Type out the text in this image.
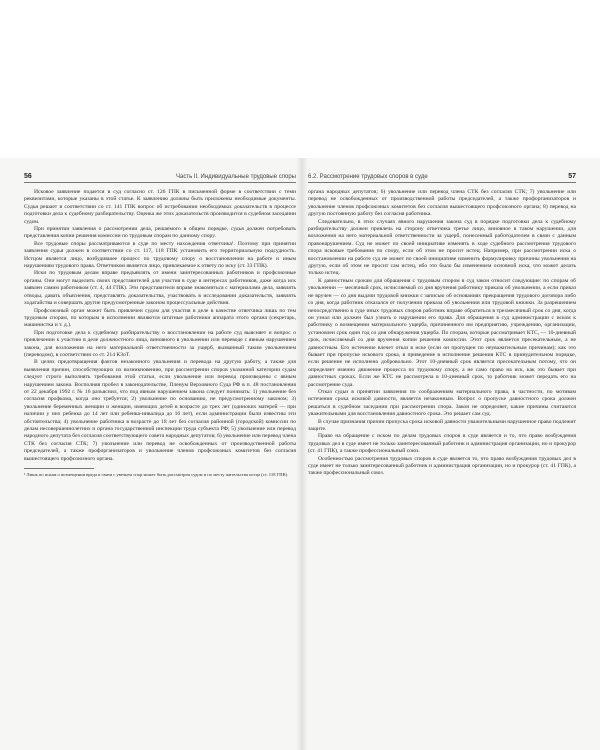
56	Часть II. Индивидуальные трудовые споры

Исковое заявление подается в суд согласно ст. 126 ГПК в письменной форме в соответствии с теми реквизитами, которые указаны в этой статье. К заявлению должны быть приложены необходимые документы. Судья решает в соответствии со ст. 141 ГПК вопрос об истребовании необходимых доказательств в процессе подготовки дела к судебному разбирательству. Оценка же этих доказательств производится в судебном заседании судом.

При принятии заявления о рассмотрении дела, решаемого в общем порядке, судья должен потребовать представления копии решения комиссии по трудовым спорам по данному спору.

Все трудовые споры рассматриваются в суде по месту нахождения ответчика¹. Поэтому при принятии заявления судья должен в соответствии со ст. 117, 118 ГПК установить его территориальную подсудность. Истцом является лицо, возбудившее процесс по трудовому спору о восстановлении на работе и иным нарушениям трудового права. Ответчиком является лицо, привлекаемое к ответу по иску (ст. 33 ГПК).

Иски по трудовым делам вправе предъявлять от имени заинтересованных работников и профсоюзные органы. Они могут выделить своих представителей для участия в суде в интересах работников, даже когда иск заявлен самим работником (ст. 4, 44 ГПК). Эти представители вправе знакомиться с материалами дела, заявлять отводы, давать объяснения, представлять доказательства, участвовать в исследовании доказательств, заявлять ходатайства и совершать другие предусмотренные законом процессуальные действия.

Профсоюзный орган может быть привлечен судом для участия в деле в качестве ответчика лишь по тем трудовым спорам, по которым в исполнении являются штатные работники аппарата этого органа (секретарь, машинистка и т. д.).

При подготовке дела к судебному разбирательству о восстановлении на работе суд выясняет и вопрос о привлечении к участию в деле должностного лица, виновного в увольнении или переводе с явным нарушением закона, для возложения на него материальной ответственности за ущерб, вызванный таким увольнением (переводом), в соответствии со ст. 214 КЗоТ.

В целях предотвращения фактов незаконного увольнения и перевода на другую работу, а также для выявления причин, способствующих их возникновению, при рассмотрении споров указанной категории судам следует строго выполнять требования этой статьи, если увольнение или перевод произведены с явным нарушением закона. Восполняя пробел в законодательстве, Пленум Верховного Суда РФ в п. 48 постановления от 22 декабря 1992 г. № 16 разъяснил, что под явным нарушением закона следует понимать: 1) увольнение без согласия профкома, когда оно требуется; 2) увольнение по основанию, не предусмотренному законом; 3) увольнение беременных женщин и женщин, имеющих детей в возрасте до трех лет (одиноких матерей — при наличии у них ребенка до 14 лет или ребенка-инвалида до 16 лет), если администрации были известны эти обстоятельства; 4) увольнение работника в возрасте до 18 лет без согласия районной (городской) комиссии по делам несовершеннолетних и органа государственной инспекции труда субъекта РФ; 5) увольнение или перевод народного депутата без согласия соответствующего совета народных депутатов; 6) увольнение или перевод члена СТК без согласия СТК; 7) увольнение или перевод не освобожденных от производственной работы председателей, а также профорганизаторов и увольнение членов профсоюзных комитетов без согласия вышестоящего профсоюзного органа.

¹ Лишь по искам о возмещении вреда в связи с увечьем спор может быть рассмотрен судом и по месту жительства истца (ст. 118 ГПК).
6.2. Рассмотрение трудовых споров в суде	57

органа народных депутатов; 6) увольнение или перевод члена СТК без согласия СТК; 7) увольнение или перевод не освобожденных от производственной работы председателей, а также профорганизаторов и увольнение членов профсоюзных комитетов без согласия вышестоящего профсоюзного органа; 8) перевод на другую постоянную работу без согласия работника.

Следовательно, в этих случаях явного нарушения закона суд в порядке подготовки дела к судебному разбирательству должен привлечь на сторону ответчика третье лицо, виновное в таком нарушении, для возложения на него материальной ответственности за ущерб, понесенный работодателем в связи с данным правонарушением. Суд не может по своей инициативе изменять в ходе судебного рассмотрения трудового спора исковые требования по спору, если об этом не просит истец. Например, при рассмотрении иска о восстановлении на работе суд не может по своей инициативе изменить формулировку причины увольнения на другую, если об этом не просит сам истец, ибо это было бы изменением основной иска, что может делать только истец.

К давностным срокам для обращения с трудовым спором в суд закон относит следующие: по спорам об увольнении — месячный срок, исчисляемый со дня вручения работнику приказа об увольнении, а если приказ не вручен — со дня выдачи трудовой книжки с записью об основаниях прекращения трудового договора либо со дня, когда работник отказался от получения приказа об увольнении или трудовой книжки. За разрешением непосредственно в суде иных трудовых споров работник вправе обратиться в трехмесячный срок со дня, когда он узнал или должен был узнать о нарушении его права. Для обращения в суд администрации с иском к работнику о возмещении материального ущерба, причиненного им предприятию, учреждению, организации, установлен срок один год со дня обнаружения ущерба. По спорам, которые рассматривает КТС, — 10-дневный срок, исчисляемый со дня вручения копии решения комиссии. Этот срок является пресекательным, а не давностным. Его истечение влечет отказ в иске (если он пропущен по неуважительным причинам); как это бывает при пропуске искового срока, в приведение в исполнение решения КТС в принудительном порядке, если решение не исполнено добровольно. Этот 10-дневный срок является пресекательным потому, что он определяет именно движение процесса по трудовому спору, а не само право на иск, как это бывает при давностных сроках. Если же КТС не рассмотрела в 10-дневный срок, то работник может передать его на рассмотрение суда.

Отказ судьи в принятии заявления по соображениям материального права, в частности, по мотивам истечения срока исковой давности, является незаконным. Вопрос о пропуске давностного срока должен решаться в судебном заседании при рассмотрении спора. Закон не определяет, какие причины считаются уважительными для восстановления давностного срока. Это решает сам суд.

В случае признания причин пропуска срока исковой давности уважительными нарушенное право подлежит защите.

Право на обращение с иском по делам трудовых споров в суде является и то, что право возбуждения трудовых дел в суде имеет не только заинтересованный работник и администрация организации, но и прокурор (ст. 41 ГПК), а также профессиональный союз.

Особенностью рассмотрения трудовых споров в суде является то, что право возбуждения трудовых дел в суде имеет не только заинтересованный работник и администрация организации, но и прокурор (ст. 41 ГПК), а также профессиональный союз.
